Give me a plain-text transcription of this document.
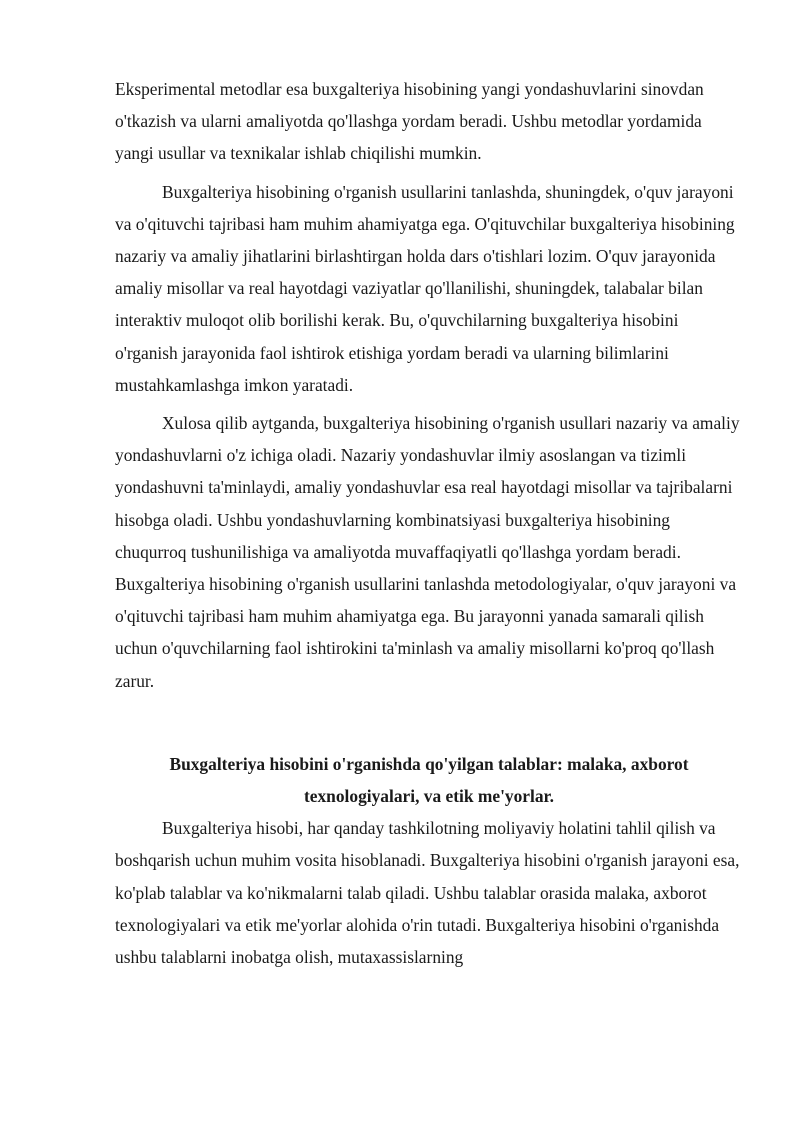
Eksperimental metodlar esa buxgalteriya hisobining yangi yondashuvlarini sinovdan o'tkazish va ularni amaliyotda qo'llashga yordam beradi. Ushbu metodlar yordamida yangi usullar va texnikalar ishlab chiqilishi mumkin.

Buxgalteriya hisobining o'rganish usullarini tanlashda, shuningdek, o'quv jarayoni va o'qituvchi tajribasi ham muhim ahamiyatga ega. O'qituvchilar buxgalteriya hisobining nazariy va amaliy jihatlarini birlashtirgan holda dars o'tishlari lozim. O'quv jarayonida amaliy misollar va real hayotdagi vaziyatlar qo'llanilishi, shuningdek, talabalar bilan interaktiv muloqot olib borilishi kerak. Bu, o'quvchilarning buxgalteriya hisobini o'rganish jarayonida faol ishtirok etishiga yordam beradi va ularning bilimlarini mustahkamlashga imkon yaratadi.

Xulosa qilib aytganda, buxgalteriya hisobining o'rganish usullari nazariy va amaliy yondashuvlarni o'z ichiga oladi. Nazariy yondashuvlar ilmiy asoslangan va tizimli yondashuvni ta'minlaydi, amaliy yondashuvlar esa real hayotdagi misollar va tajribalarni hisobga oladi. Ushbu yondashuvlarning kombinatsiyasi buxgalteriya hisobining chuqurroq tushunilishiga va amaliyotda muvaffaqiyatli qo'llashga yordam beradi. Buxgalteriya hisobining o'rganish usullarini tanlashda metodologiyalar, o'quv jarayoni va o'qituvchi tajribasi ham muhim ahamiyatga ega. Bu jarayonni yanada samarali qilish uchun o'quvchilarning faol ishtirokini ta'minlash va amaliy misollarni ko'proq qo'llash zarur.

Buxgalteriya hisobini o'rganishda qo'yilgan talablar: malaka, axborot texnologiyalari, va etik me'yorlar.

Buxgalteriya hisobi, har qanday tashkilotning moliyaviy holatini tahlil qilish va boshqarish uchun muhim vosita hisoblanadi. Buxgalteriya hisobini o'rganish jarayoni esa, ko'plab talablar va ko'nikmalarni talab qiladi. Ushbu talablar orasida malaka, axborot texnologiyalari va etik me'yorlar alohida o'rin tutadi. Buxgalteriya hisobini o'rganishda ushbu talablarni inobatga olish, mutaxassislarning
